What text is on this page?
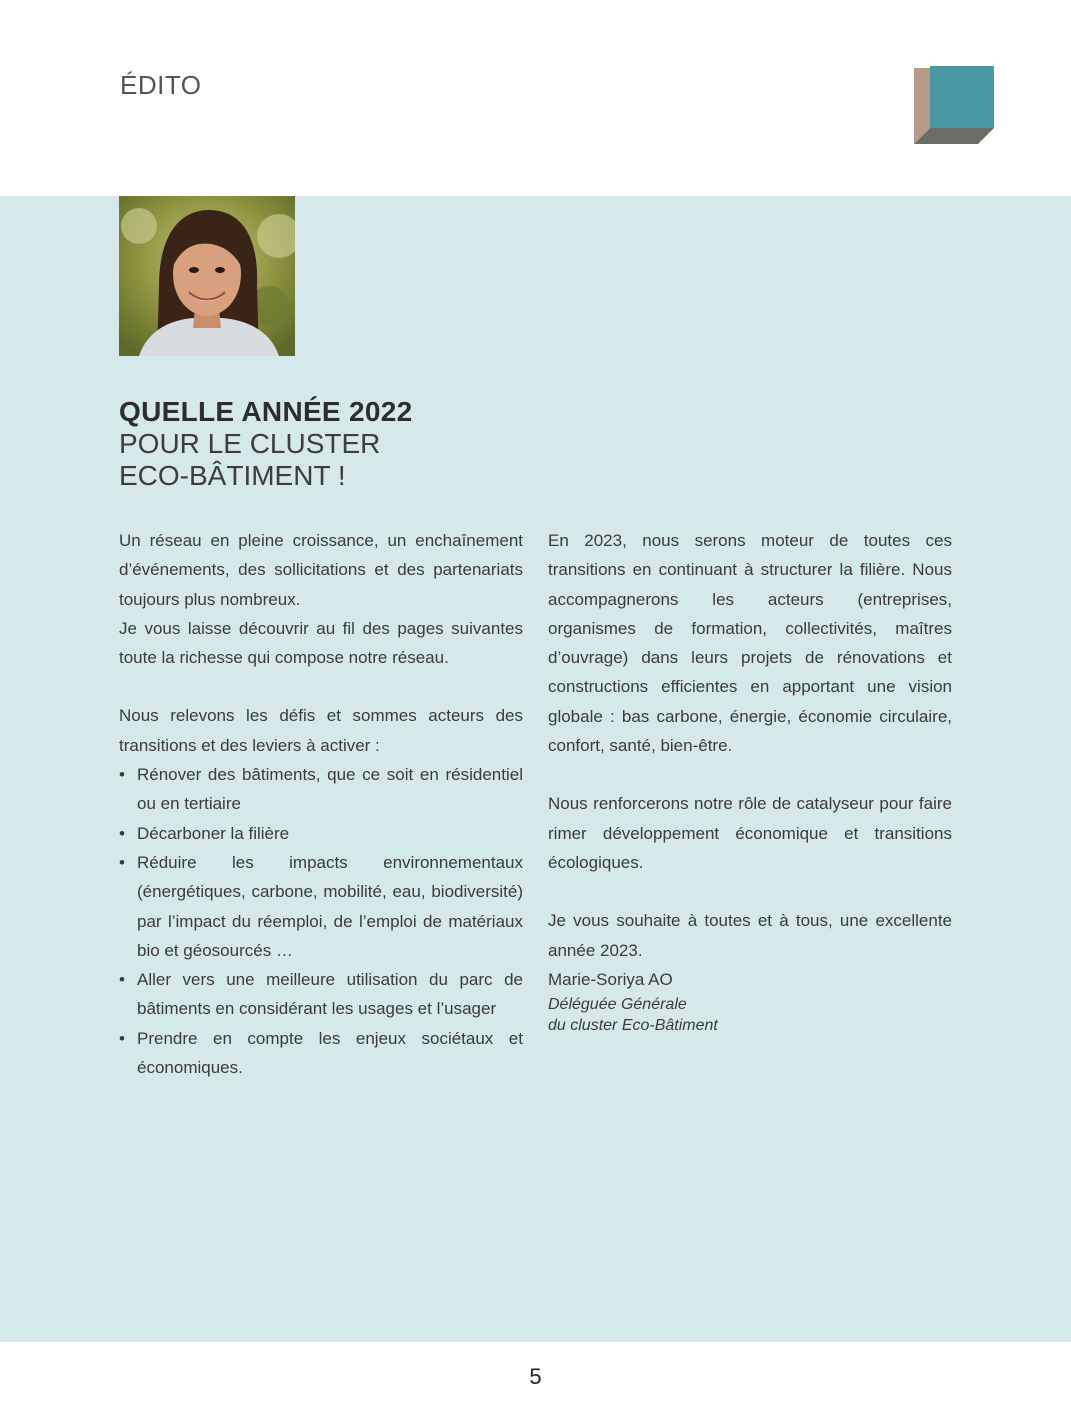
ÉDITO
QUELLE ANNÉE 2022
POUR LE CLUSTER
ECO-BÂTIMENT !

Un réseau en pleine croissance, un enchaînement d’événements, des sollicitations et des partenariats toujours plus nombreux.

Je vous laisse découvrir au fil des pages suivantes toute la richesse qui compose notre réseau.

Nous relevons les défis et sommes acteurs des transitions et des leviers à activer :

• Rénover des bâtiments, que ce soit en résidentiel ou en tertiaire
• Décarboner la filière
• Réduire les impacts environnementaux (énergétiques, carbone, mobilité, eau, biodiversité) par l’impact du réemploi, de l’emploi de matériaux bio et géosourcés …
• Aller vers une meilleure utilisation du parc de bâtiments en considérant les usages et l’usager
• Prendre en compte les enjeux sociétaux et économiques.

En 2023, nous serons moteur de toutes ces transitions en continuant à structurer la filière. Nous accompagnerons les acteurs (entreprises, organismes de formation, collectivités, maîtres d’ouvrage) dans leurs projets de rénovations et constructions efficientes en apportant une vision globale : bas carbone, énergie, économie circulaire, confort, santé, bien-être.

Nous renforcerons notre rôle de catalyseur pour faire rimer développement économique et transitions écologiques.

Je vous souhaite à toutes et à tous, une excellente année 2023.

Marie-Soriya AO

Déléguée Générale
du cluster Eco-Bâtiment
5
